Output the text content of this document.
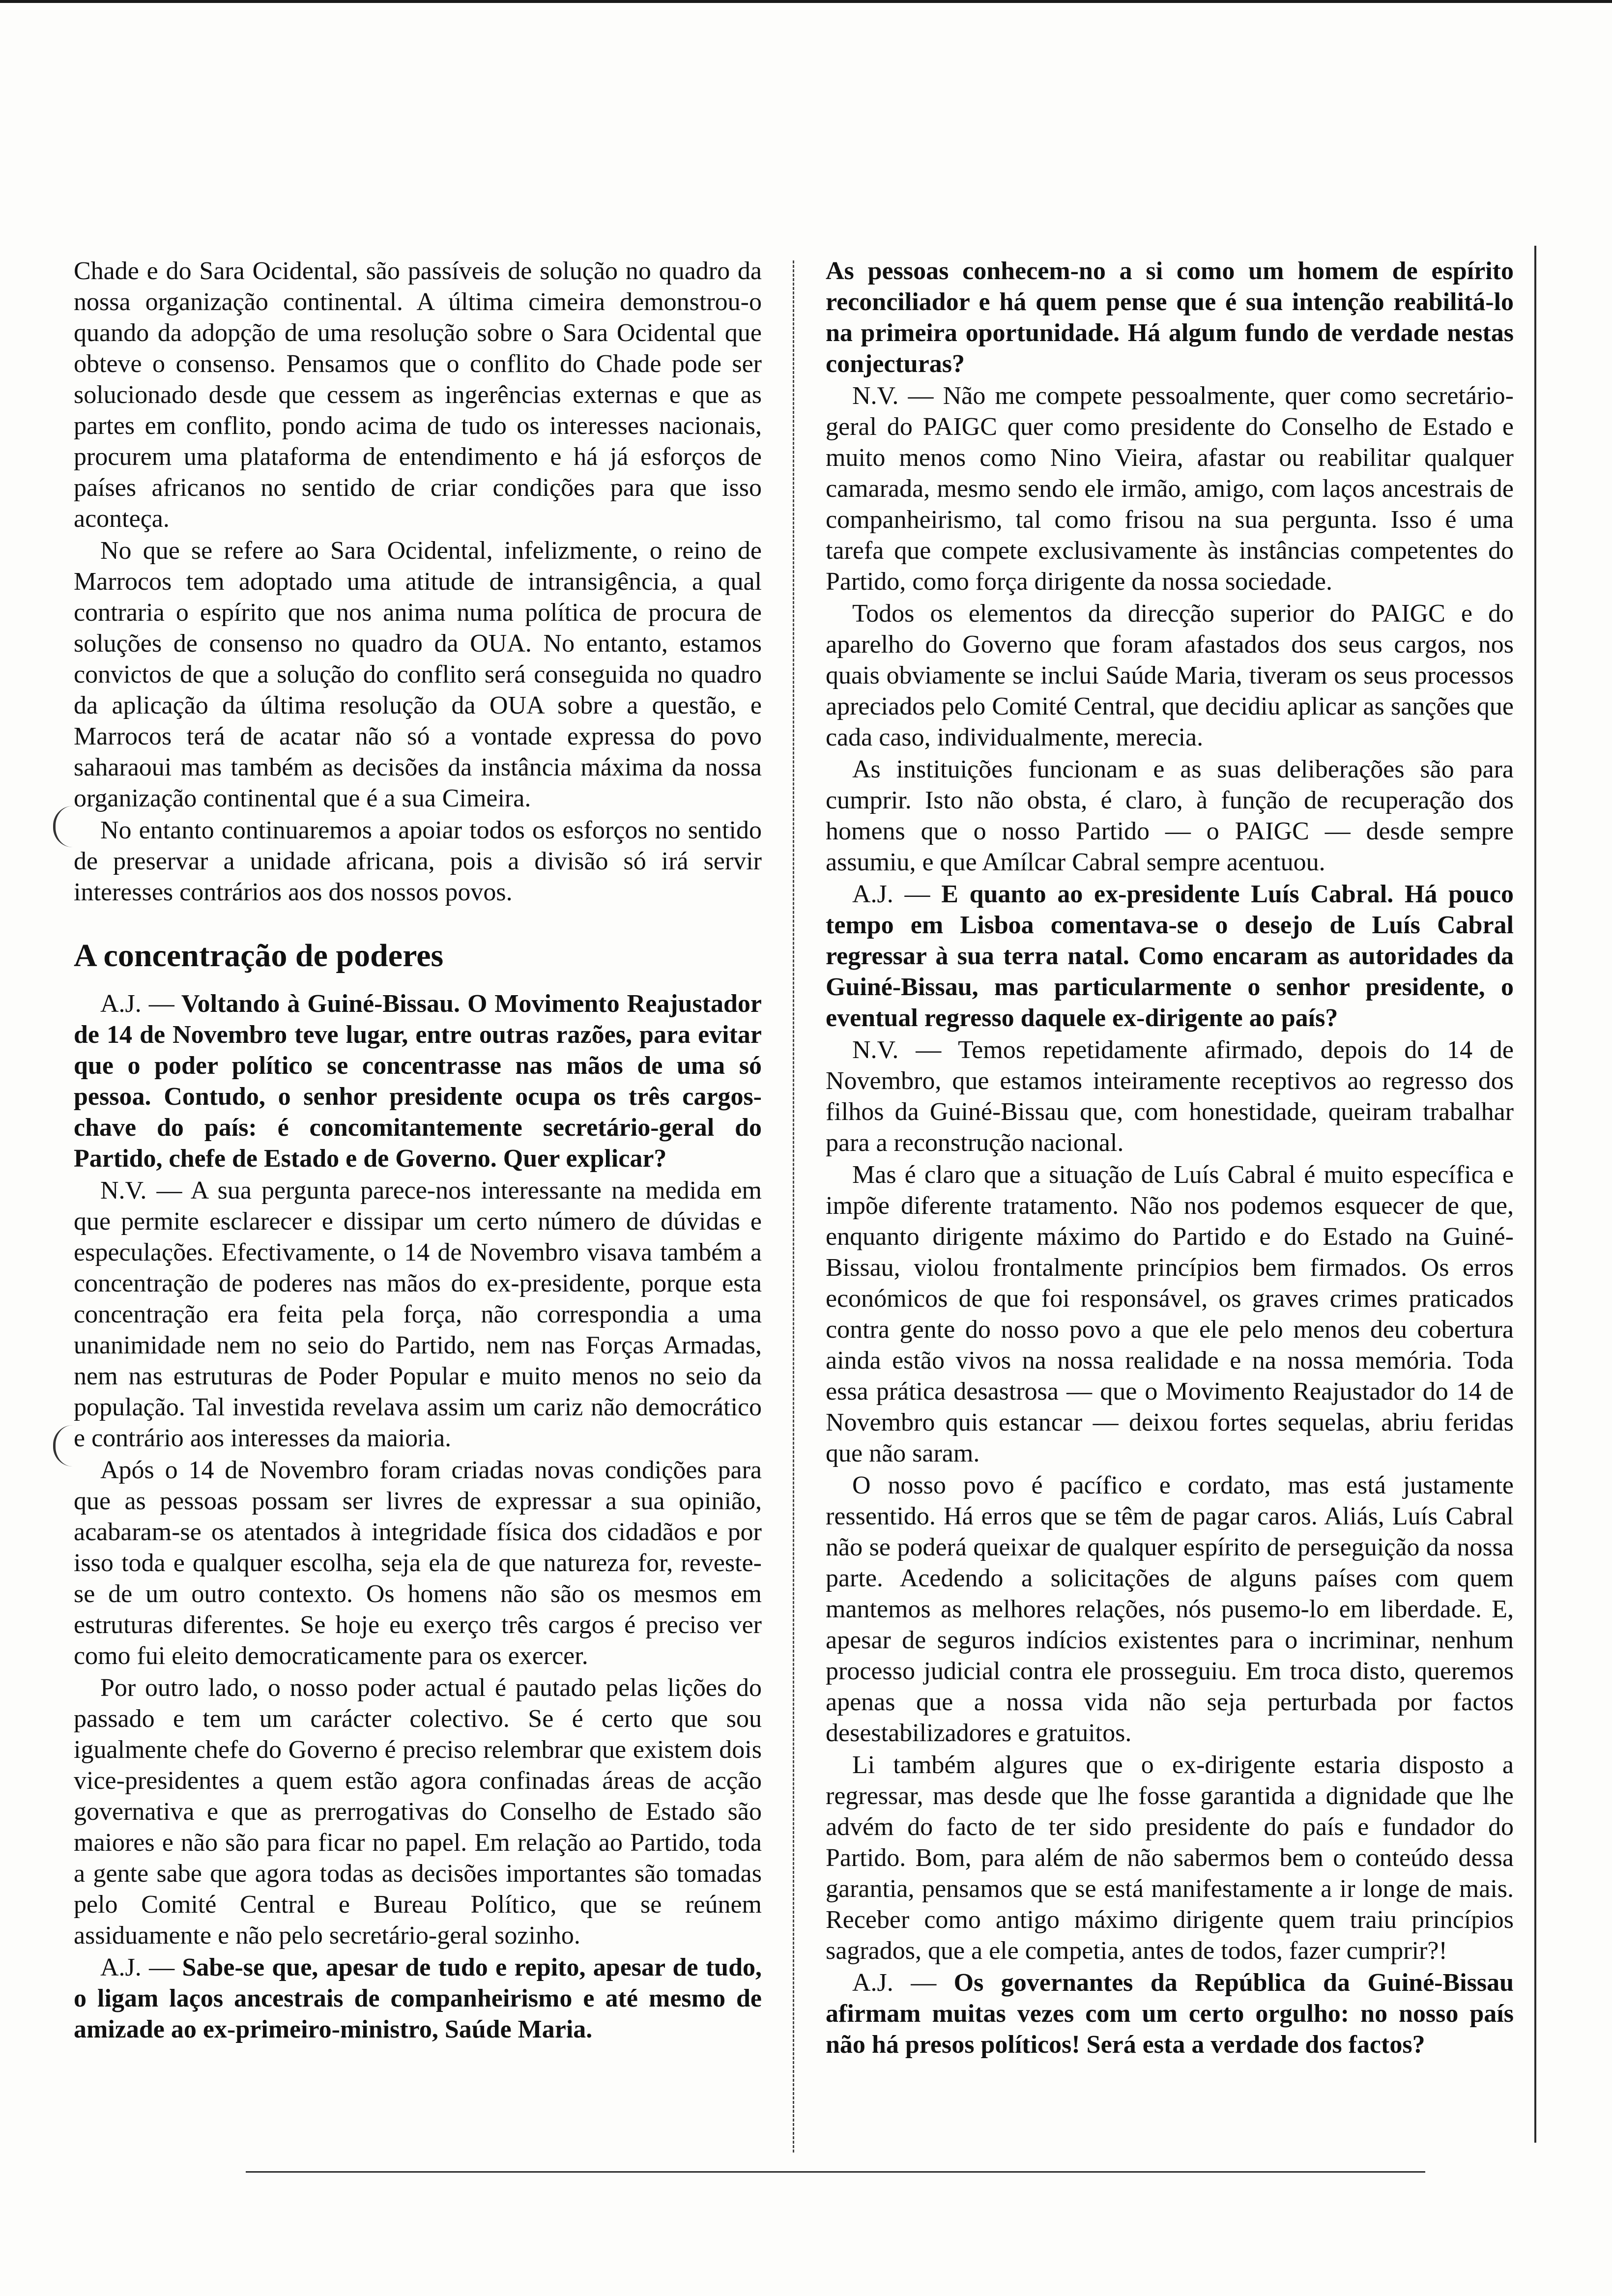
Chade e do Sara Ocidental, são passíveis de solução no quadro da nossa organização continental. A última cimeira demonstrou-o quando da adopção de uma resolução sobre o Sara Ocidental que obteve o consenso. Pensamos que o conflito do Chade pode ser solucionado desde que cessem as ingerências externas e que as partes em conflito, pondo acima de tudo os interesses nacionais, procurem uma plataforma de entendimento e há já esforços de países africanos no sentido de criar condições para que isso aconteça.

No que se refere ao Sara Ocidental, infelizmente, o reino de Marrocos tem adoptado uma atitude de intransigência, a qual contraria o espírito que nos anima numa política de procura de soluções de consenso no quadro da OUA. No entanto, estamos convictos de que a solução do conflito será conseguida no quadro da aplicação da última resolução da OUA sobre a questão, e Marrocos terá de acatar não só a vontade expressa do povo saharaoui mas também as decisões da instância máxima da nossa organização continental que é a sua Cimeira.

No entanto continuaremos a apoiar todos os esforços no sentido de preservar a unidade africana, pois a divisão só irá servir interesses contrários aos dos nossos povos.

A concentração de poderes

A.J. — Voltando à Guiné-Bissau. O Movimento Reajustador de 14 de Novembro teve lugar, entre outras razões, para evitar que o poder político se concentrasse nas mãos de uma só pessoa. Contudo, o senhor presidente ocupa os três cargos-chave do país: é concomitantemente secretário-geral do Partido, chefe de Estado e de Governo. Quer explicar?

N.V. — A sua pergunta parece-nos interessante na medida em que permite esclarecer e dissipar um certo número de dúvidas e especulações. Efectivamente, o 14 de Novembro visava também a concentração de poderes nas mãos do ex-presidente, porque esta concentração era feita pela força, não correspondia a uma unanimidade nem no seio do Partido, nem nas Forças Armadas, nem nas estruturas de Poder Popular e muito menos no seio da população. Tal investida revelava assim um cariz não democrático e contrário aos interesses da maioria.

Após o 14 de Novembro foram criadas novas condições para que as pessoas possam ser livres de expressar a sua opinião, acabaram-se os atentados à integridade física dos cidadãos e por isso toda e qualquer escolha, seja ela de que natureza for, reveste-se de um outro contexto. Os homens não são os mesmos em estruturas diferentes. Se hoje eu exerço três cargos é preciso ver como fui eleito democraticamente para os exercer.

Por outro lado, o nosso poder actual é pautado pelas lições do passado e tem um carácter colectivo. Se é certo que sou igualmente chefe do Governo é preciso relembrar que existem dois vice-presidentes a quem estão agora confinadas áreas de acção governativa e que as prerrogativas do Conselho de Estado são maiores e não são para ficar no papel. Em relação ao Partido, toda a gente sabe que agora todas as decisões importantes são tomadas pelo Comité Central e Bureau Político, que se reúnem assiduamente e não pelo secretário-geral sozinho.

A.J. — Sabe-se que, apesar de tudo e repito, apesar de tudo, o ligam laços ancestrais de companheirismo e até mesmo de amizade ao ex-primeiro-ministro, Saúde Maria.

As pessoas conhecem-no a si como um homem de espírito reconciliador e há quem pense que é sua intenção reabilitá-lo na primeira oportunidade. Há algum fundo de verdade nestas conjecturas?

N.V. — Não me compete pessoalmente, quer como secretário-geral do PAIGC quer como presidente do Conselho de Estado e muito menos como Nino Vieira, afastar ou reabilitar qualquer camarada, mesmo sendo ele irmão, amigo, com laços ancestrais de companheirismo, tal como frisou na sua pergunta. Isso é uma tarefa que compete exclusivamente às instâncias competentes do Partido, como força dirigente da nossa sociedade.

Todos os elementos da direcção superior do PAIGC e do aparelho do Governo que foram afastados dos seus cargos, nos quais obviamente se inclui Saúde Maria, tiveram os seus processos apreciados pelo Comité Central, que decidiu aplicar as sanções que cada caso, individualmente, merecia.

As instituições funcionam e as suas deliberações são para cumprir. Isto não obsta, é claro, à função de recuperação dos homens que o nosso Partido — o PAIGC — desde sempre assumiu, e que Amílcar Cabral sempre acentuou.

A.J. — E quanto ao ex-presidente Luís Cabral. Há pouco tempo em Lisboa comentava-se o desejo de Luís Cabral regressar à sua terra natal. Como encaram as autoridades da Guiné-Bissau, mas particularmente o senhor presidente, o eventual regresso daquele ex-dirigente ao país?

N.V. — Temos repetidamente afirmado, depois do 14 de Novembro, que estamos inteiramente receptivos ao regresso dos filhos da Guiné-Bissau que, com honestidade, queiram trabalhar para a reconstrução nacional.

Mas é claro que a situação de Luís Cabral é muito específica e impõe diferente tratamento. Não nos podemos esquecer de que, enquanto dirigente máximo do Partido e do Estado na Guiné-Bissau, violou frontalmente princípios bem firmados. Os erros económicos de que foi responsável, os graves crimes praticados contra gente do nosso povo a que ele pelo menos deu cobertura ainda estão vivos na nossa realidade e na nossa memória. Toda essa prática desastrosa — que o Movimento Reajustador do 14 de Novembro quis estancar — deixou fortes sequelas, abriu feridas que não saram.

O nosso povo é pacífico e cordato, mas está justamente ressentido. Há erros que se têm de pagar caros. Aliás, Luís Cabral não se poderá queixar de qualquer espírito de perseguição da nossa parte. Acedendo a solicitações de alguns países com quem mantemos as melhores relações, nós pusemo-lo em liberdade. E, apesar de seguros indícios existentes para o incriminar, nenhum processo judicial contra ele prosseguiu. Em troca disto, queremos apenas que a nossa vida não seja perturbada por factos desestabilizadores e gratuitos.

Li também algures que o ex-dirigente estaria disposto a regressar, mas desde que lhe fosse garantida a dignidade que lhe advém do facto de ter sido presidente do país e fundador do Partido. Bom, para além de não sabermos bem o conteúdo dessa garantia, pensamos que se está manifestamente a ir longe de mais. Receber como antigo máximo dirigente quem traiu princípios sagrados, que a ele competia, antes de todos, fazer cumprir?!

A.J. — Os governantes da República da Guiné-Bissau afirmam muitas vezes com um certo orgulho: no nosso país não há presos políticos! Será esta a verdade dos factos?
